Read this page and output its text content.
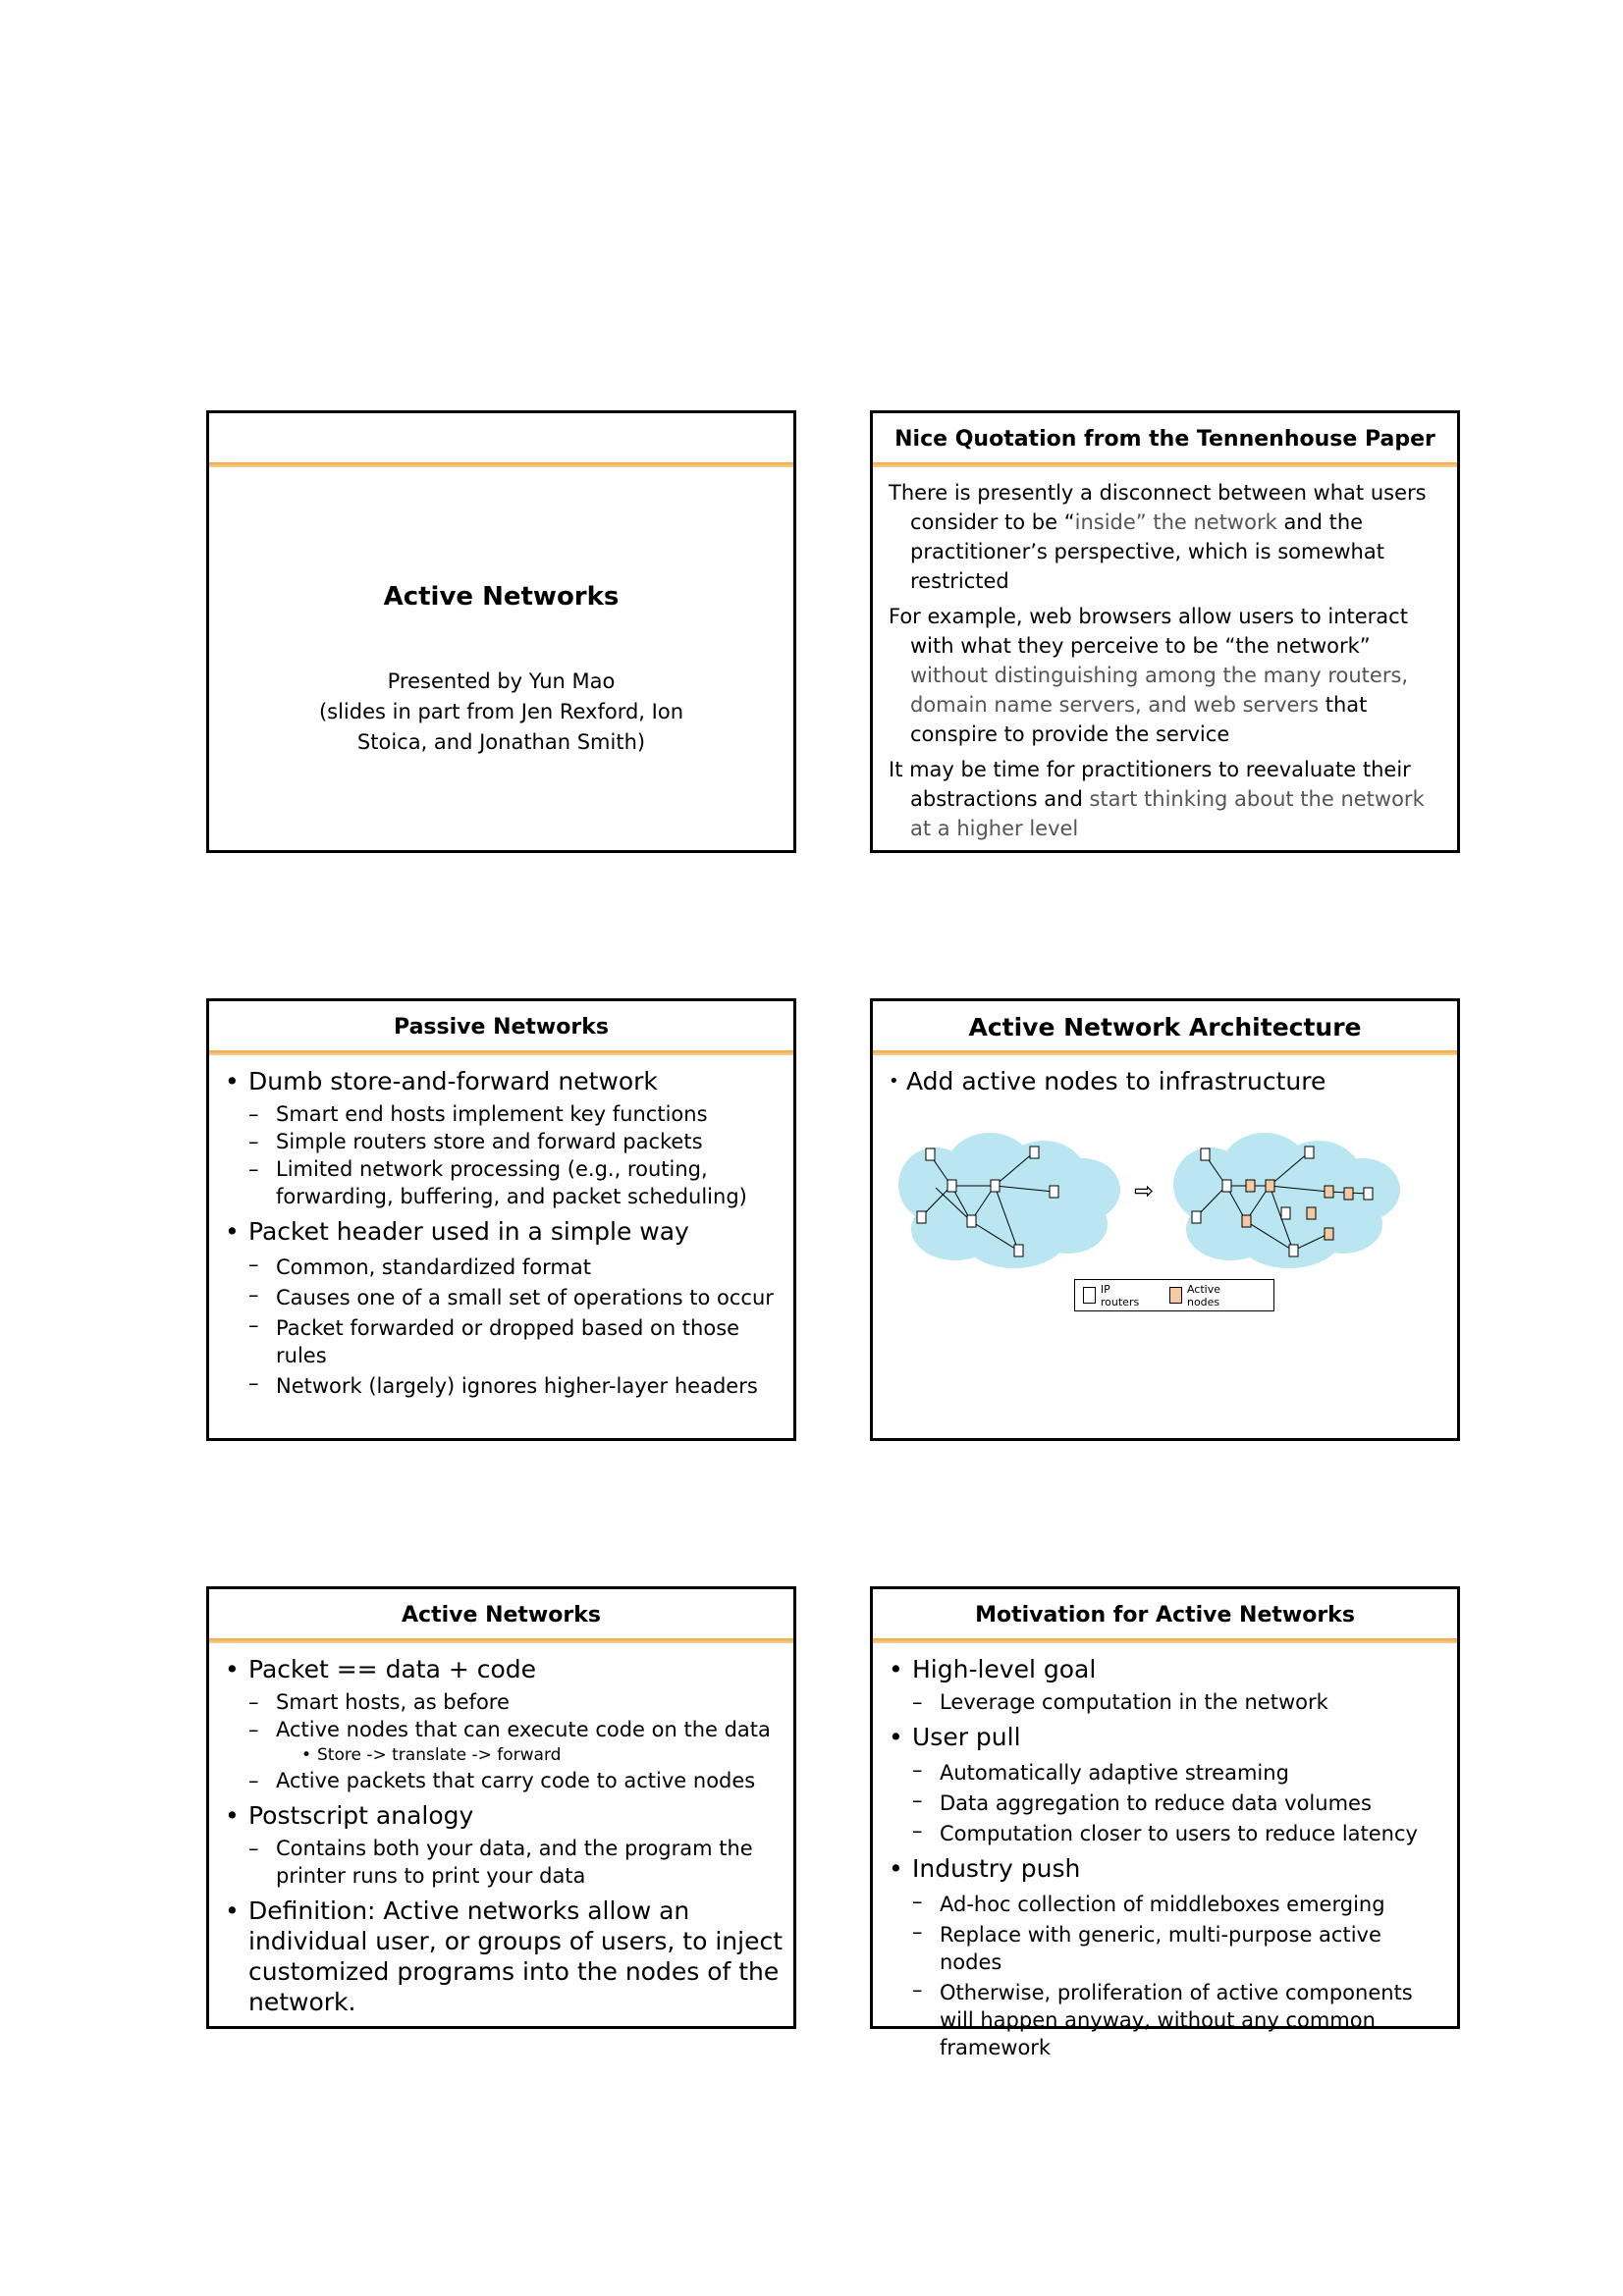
Active Networks
Presented by Yun Mao
(slides in part from Jen Rexford, Ion
Stoica, and Jonathan Smith)
Nice Quotation from the Tennenhouse Paper
There is presently a disconnect between what users consider to be “inside” the network and the practitioner’s perspective, which is somewhat restricted
For example, web browsers allow users to interact with what they perceive to be “the network” without distinguishing among the many routers, domain name servers, and web servers that conspire to provide the service
It may be time for practitioners to reevaluate their abstractions and start thinking about the network at a higher level
Passive Networks
• Dumb store-and-forward network
– Smart end hosts implement key functions
– Simple routers store and forward packets
– Limited network processing (e.g., routing, forwarding, buffering, and packet scheduling)
• Packet header used in a simple way
– Common, standardized format
– Causes one of a small set of operations to occur
– Packet forwarded or dropped based on those rules
– Network (largely) ignores higher-layer headers
Active Network Architecture
• Add active nodes to infrastructure
⇨
IP routers
Active nodes
Active Networks
• Packet == data + code
– Smart hosts, as before
– Active nodes that can execute code on the data
• Store -> translate -> forward
– Active packets that carry code to active nodes
• Postscript analogy
– Contains both your data, and the program the printer runs to print your data
• Definition: Active networks allow an individual user, or groups of users, to inject customized programs into the nodes of the network.
Motivation for Active Networks
• High-level goal
– Leverage computation in the network
• User pull
– Automatically adaptive streaming
– Data aggregation to reduce data volumes
– Computation closer to users to reduce latency
• Industry push
– Ad-hoc collection of middleboxes emerging
– Replace with generic, multi-purpose active nodes
– Otherwise, proliferation of active components will happen anyway, without any common framework
